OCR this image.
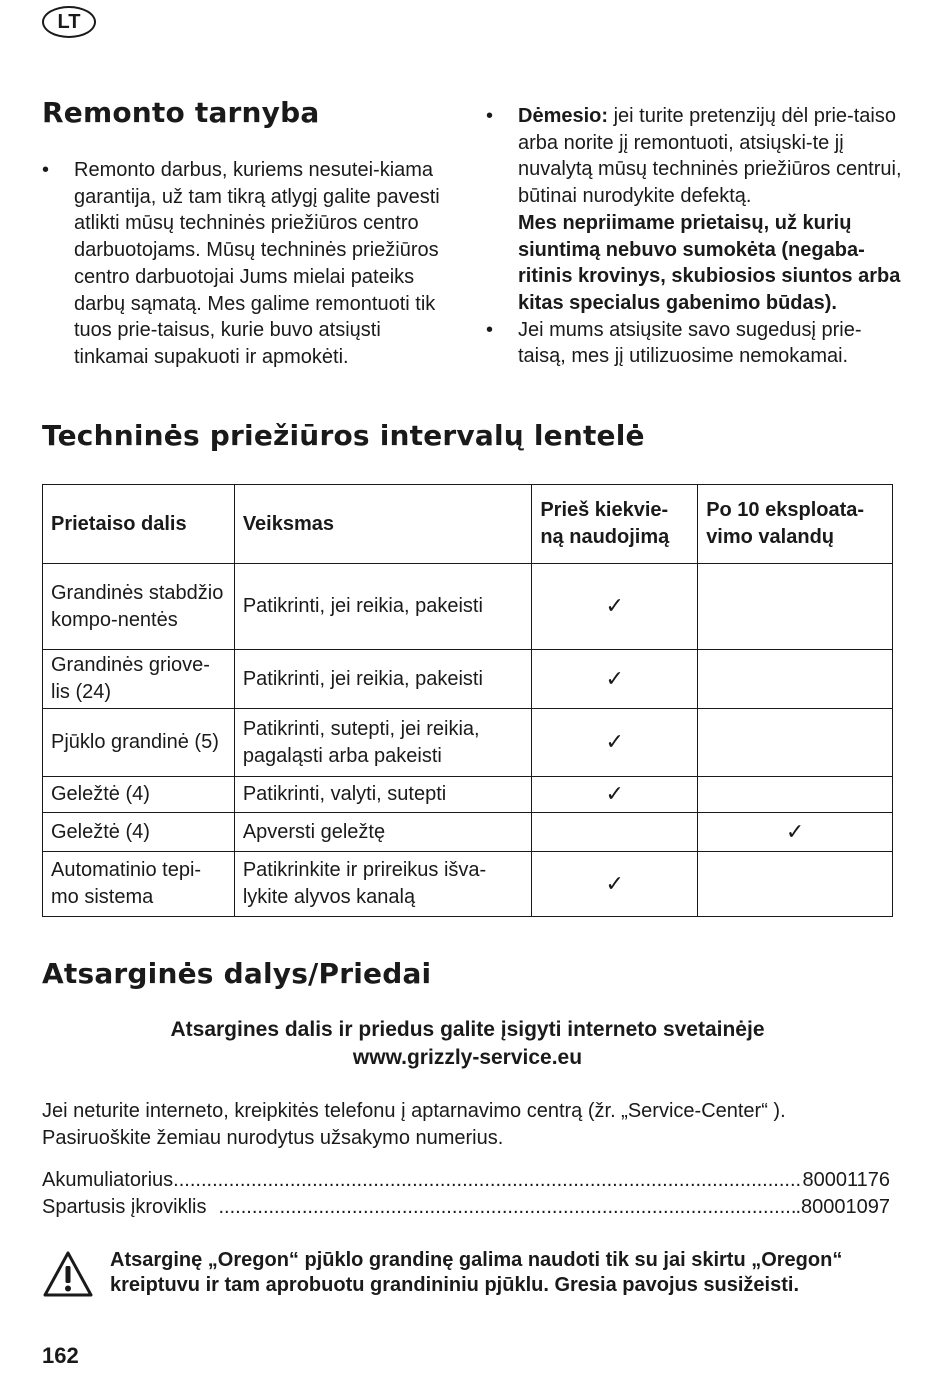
LT
Remonto tarnyba
• Remonto darbus, kuriems nesutei-kiama garantija, už tam tikrą atlygį galite pavesti atlikti mūsų techninės priežiūros centro darbuotojams. Mūsų techninės priežiūros centro darbuotojai Jums mielai pateiks darbų sąmatą. Mes galime remontuoti tik tuos prie-taisus, kurie buvo atsiųsti tinkamai supakuoti ir apmokėti.
• Dėmesio: jei turite pretenzijų dėl prie-taiso arba norite jį remontuoti, atsiųski-te jį nuvalytą mūsų techninės priežiūros centrui, būtinai nurodykite defektą.
Mes nepriimame prietaisų, už kurių siuntimą nebuvo sumokėta (negaba-ritinis krovinys, skubiosios siuntos arba kitas specialus gabenimo būdas).
• Jei mums atsiųsite savo sugedusį prie-taisą, mes jį utilizuosime nemokamai.
Techninės priežiūros intervalų lentelė
Prietaiso dalis	Veiksmas	Prieš kiekvie-ną naudojimą	Po 10 eksploata-vimo valandų
Grandinės stabdžio kompo-nentės	Patikrinti, jei reikia, pakeisti	✓	
Grandinės griove-lis (24)	Patikrinti, jei reikia, pakeisti	✓	
Pjūklo grandinė (5)	Patikrinti, sutepti, jei reikia, pagaląsti arba pakeisti	✓	
Geležtė (4)	Patikrinti, valyti, sutepti	✓	
Geležtė (4)	Apversti geležtę		✓
Automatinio tepi-mo sistema	Patikrinkite ir prireikus išva-lykite alyvos kanalą	✓	
Atsarginės dalys/Priedai
Atsargines dalis ir priedus galite įsigyti interneto svetainėje
www.grizzly-service.eu
Jei neturite interneto, kreipkitės telefonu į aptarnavimo centrą (žr. „Service-Center“ ).
Pasiruoškite žemiau nurodytus užsakymo numerius.
Akumuliatorius .....	80001176
Spartusis įkroviklis .....	.80001097
Atsarginę „Oregon“ pjūklo grandinę galima naudoti tik su jai skirtu „Oregon“ kreiptuvu ir tam aprobuotu grandininiu pjūklu. Gresia pavojus susižeisti.
162
